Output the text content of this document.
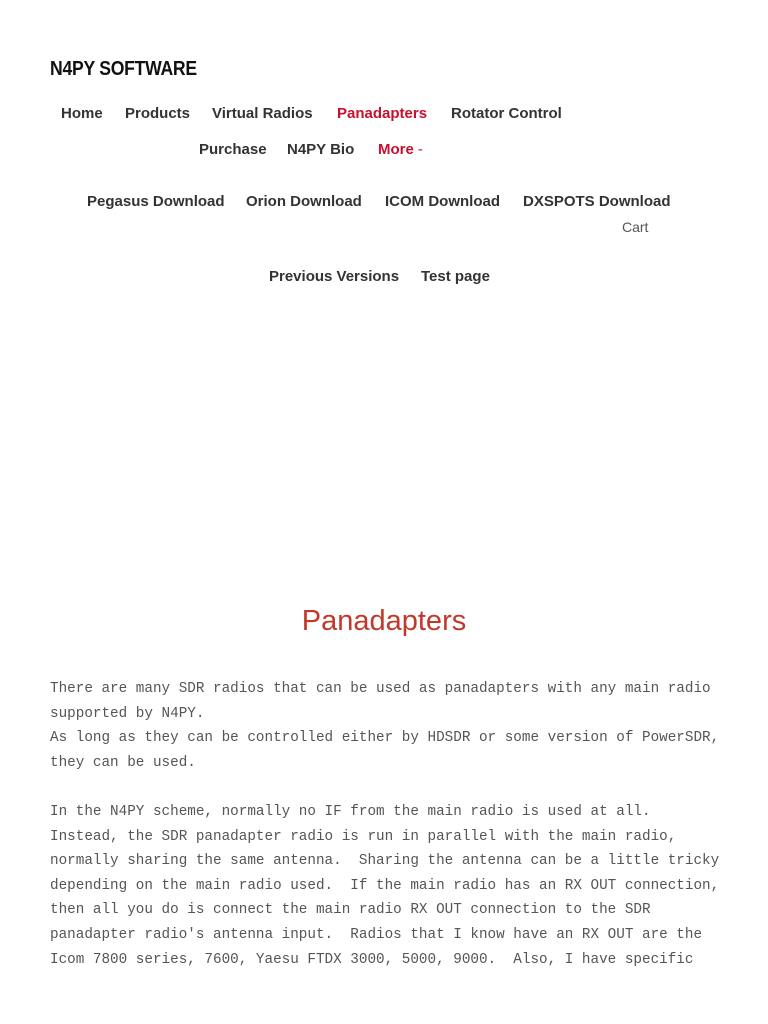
N4PY SOFTWARE
Home Products Virtual Radios Panadapters Rotator Control
Purchase N4PY Bio More -
Pegasus Download Orion Download ICOM Download DXSPOTS Download
Cart
Previous Versions Test page
Panadapters
There are many SDR radios that can be used as panadapters with any main radio
supported by N4PY.
As long as they can be controlled either by HDSDR or some version of PowerSDR,
they can be used.
In the N4PY scheme, normally no IF from the main radio is used at all.
Instead, the SDR panadapter radio is run in parallel with the main radio,
normally sharing the same antenna.  Sharing the antenna can be a little tricky
depending on the main radio used.  If the main radio has an RX OUT connection,
then all you do is connect the main radio RX OUT connection to the SDR
panadapter radio's antenna input.  Radios that I know have an RX OUT are the
Icom 7800 series, 7600, Yaesu FTDX 3000, 5000, 9000.  Also, I have specific
